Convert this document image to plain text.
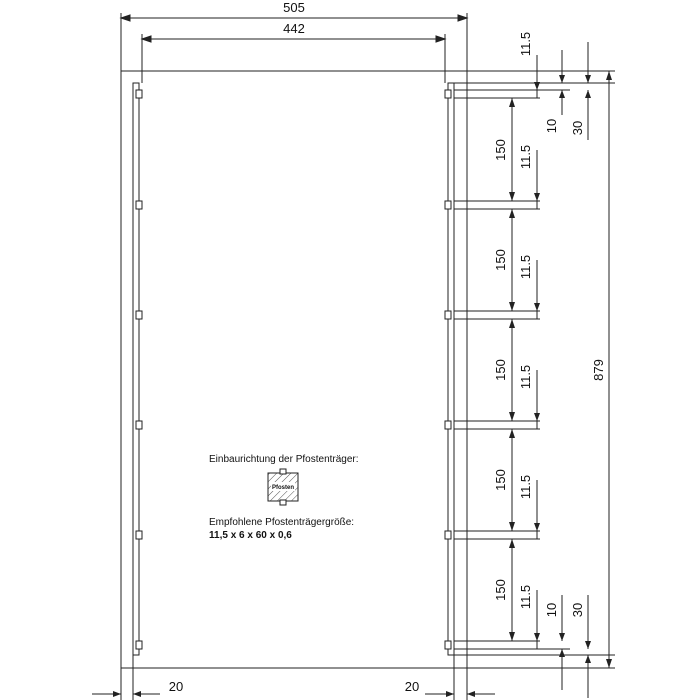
505
442
150
150
150
150
150
11.5
11.5
11.5
11.5
11.5
11.5
10 30
10 30
879
20	20
Einbaurichtung der Pfostenträger:
Pfosten
Empfohlene Pfostenträgergröße:
11,5 x 6 x 60 x 0,6
